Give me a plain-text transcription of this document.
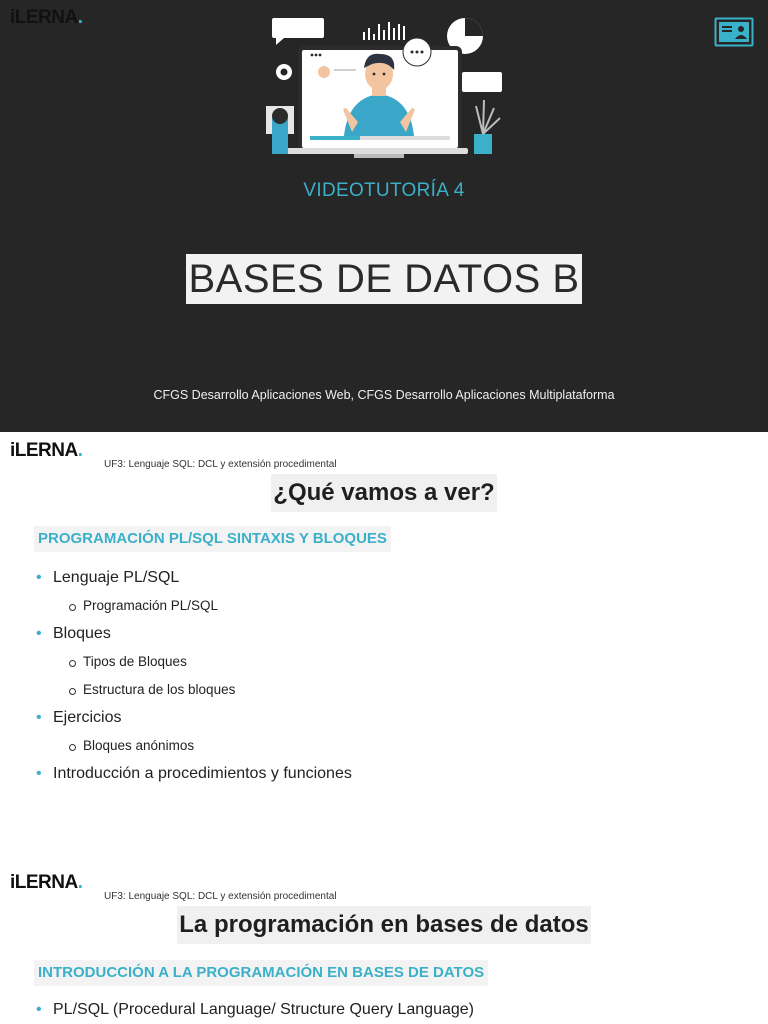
iLERNA.
VIDEOTUTORÍA 4
BASES DE DATOS B
CFGS Desarrollo Aplicaciones Web, CFGS Desarrollo Aplicaciones Multiplataforma
iLERNA.
UF3: Lenguaje SQL: DCL y extensión procedimental
¿Qué vamos a ver?
PROGRAMACIÓN PL/SQL SINTAXIS Y BLOQUES
• Lenguaje PL/SQL
Programación PL/SQL
• Bloques
Tipos de Bloques
Estructura de los bloques
• Ejercicios
Bloques anónimos
• Introducción a procedimientos y funciones
iLERNA.
UF3: Lenguaje SQL: DCL y extensión procedimental
La programación en bases de datos
INTRODUCCIÓN A LA PROGRAMACIÓN EN BASES DE DATOS
• PL/SQL (Procedural Language/ Structure Query Language)
